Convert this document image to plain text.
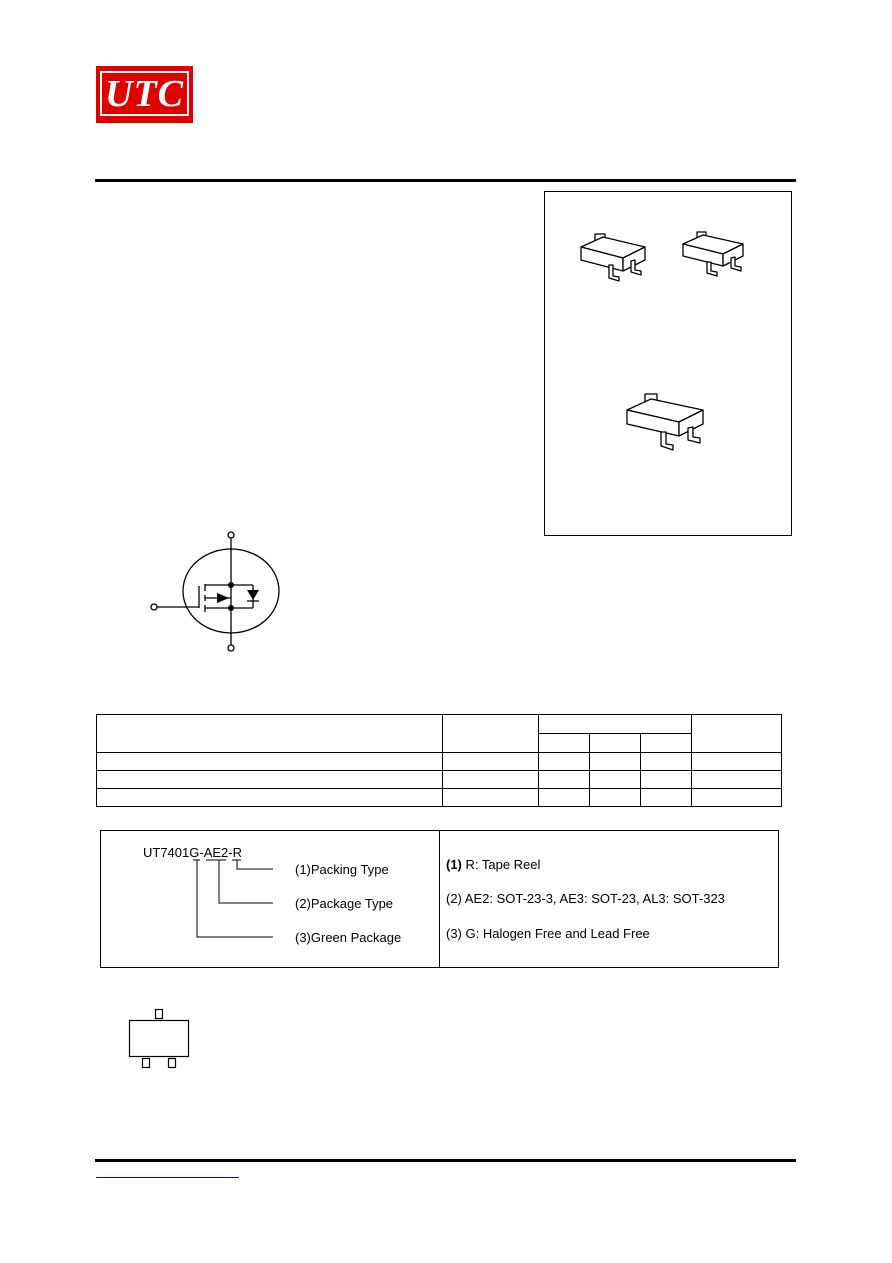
UTC

UT7401G-AE2-R
(1)Packing Type
(2)Package Type
(3)Green Package
(1) R: Tape Reel
(2) AE2: SOT-23-3, AE3: SOT-23, AL3: SOT-323
(3) G: Halogen Free and Lead Free
